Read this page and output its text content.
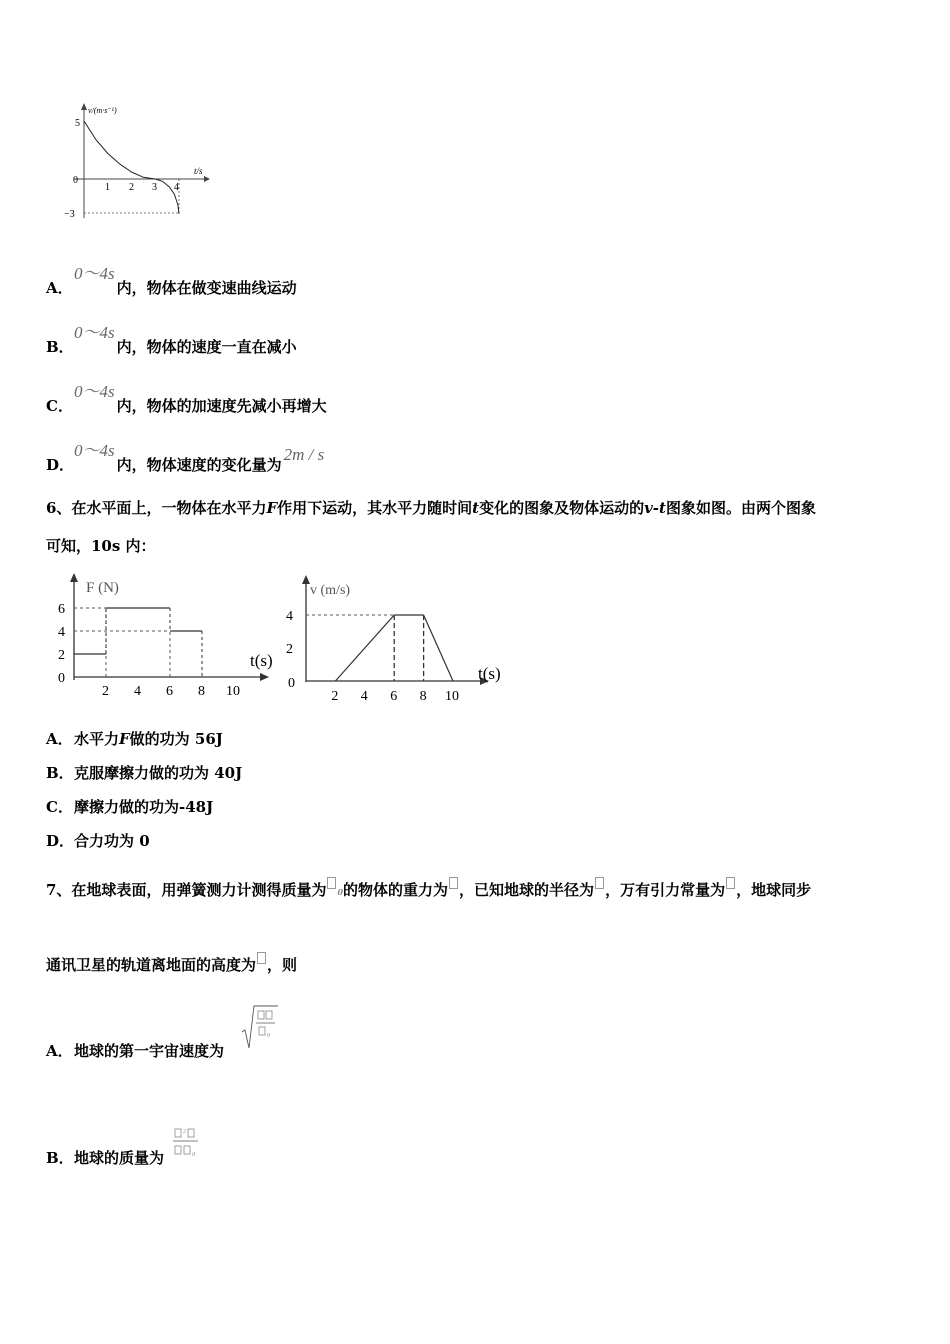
v/(m·s⁻¹)
t/s
5
0
−3
1 2 3 4
A．0～4s内，物体在做变速曲线运动
B．0～4s内，物体的速度一直在减小
C．0～4s内，物体的加速度先减小再增大
D．0～4s内，物体速度的变化量为2m / s
6、在水平面上，一物体在水平力F作用下运动，其水平力随时间t变化的图象及物体运动的v-t图象如图。由两个图象
可知，10s 内：
F (N)
t(s)
0
2
4
6
2 4 6 8 10
v (m/s)
t(s)
2
4
0
2 4 6 8 10
A．水平力F做的功为 56J
B．克服摩擦力做的功为 40J
C．摩擦力做的功为-48J
D．合力功为 0
7、在地球表面，用弹簧测力计测得质量为 0的物体的重力为 ，已知地球的半径为 ，万有引力常量为 ，地球同步
通讯卫星的轨道离地面的高度为 ，则
A．地球的第一宇宙速度为
0
B．地球的质量为
2
0
